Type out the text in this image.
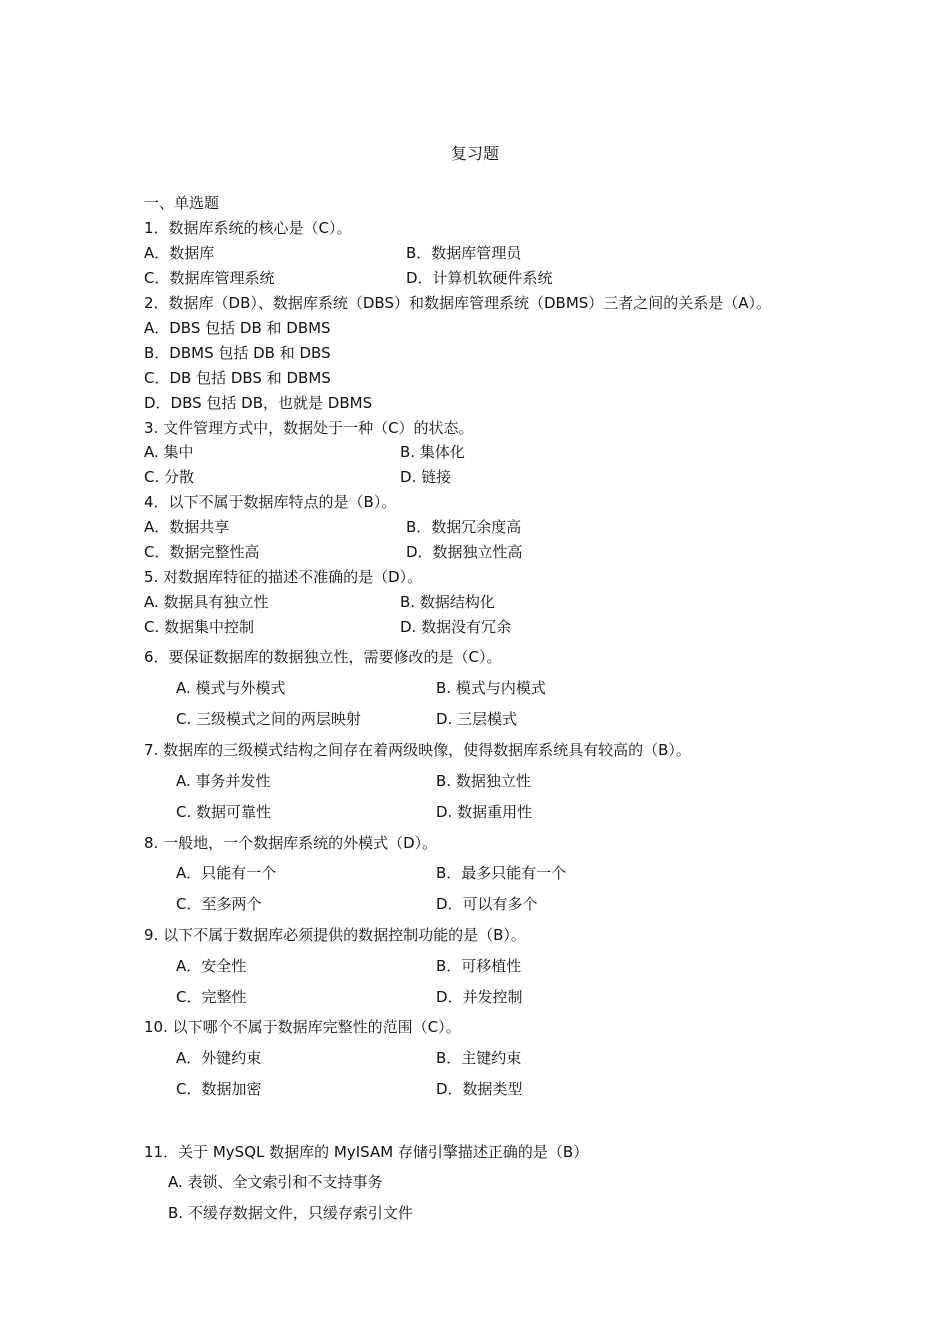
复习题
一、单选题
1．数据库系统的核心是（C）。
A．数据库	B．数据库管理员
C．数据库管理系统	D．计算机软硬件系统
2．数据库（DB）、数据库系统（DBS）和数据库管理系统（DBMS）三者之间的关系是（A）。
A．DBS 包括 DB 和 DBMS
B．DBMS 包括 DB 和 DBS
C．DB 包括 DBS 和 DBMS
D．DBS 包括 DB，也就是 DBMS
3. 文件管理方式中，数据处于一种（C）的状态。
A. 集中	B. 集体化
C. 分散	D. 链接
4．以下不属于数据库特点的是（B）。
A．数据共享	B．数据冗余度高
C．数据完整性高	D．数据独立性高
5. 对数据库特征的描述不准确的是（D）。
A. 数据具有独立性	B. 数据结构化
C. 数据集中控制	D. 数据没有冗余
6．要保证数据库的数据独立性，需要修改的是（C）。
A. 模式与外模式	B. 模式与内模式
C. 三级模式之间的两层映射	D. 三层模式
7. 数据库的三级模式结构之间存在着两级映像，使得数据库系统具有较高的（B）。
A. 事务并发性	B. 数据独立性
C. 数据可靠性	D. 数据重用性
8. 一般地，一个数据库系统的外模式（D）。
A．只能有一个	B．最多只能有一个
C．至多两个	D．可以有多个
9. 以下不属于数据库必须提供的数据控制功能的是（B）。
A．安全性	B．可移植性
C．完整性	D．并发控制
10. 以下哪个不属于数据库完整性的范围（C）。
A．外键约束	B．主键约束
C．数据加密	D．数据类型
11．关于 MySQL 数据库的 MyISAM 存储引擎描述正确的是（B）
A. 表锁、全文索引和不支持事务
B. 不缓存数据文件，只缓存索引文件
